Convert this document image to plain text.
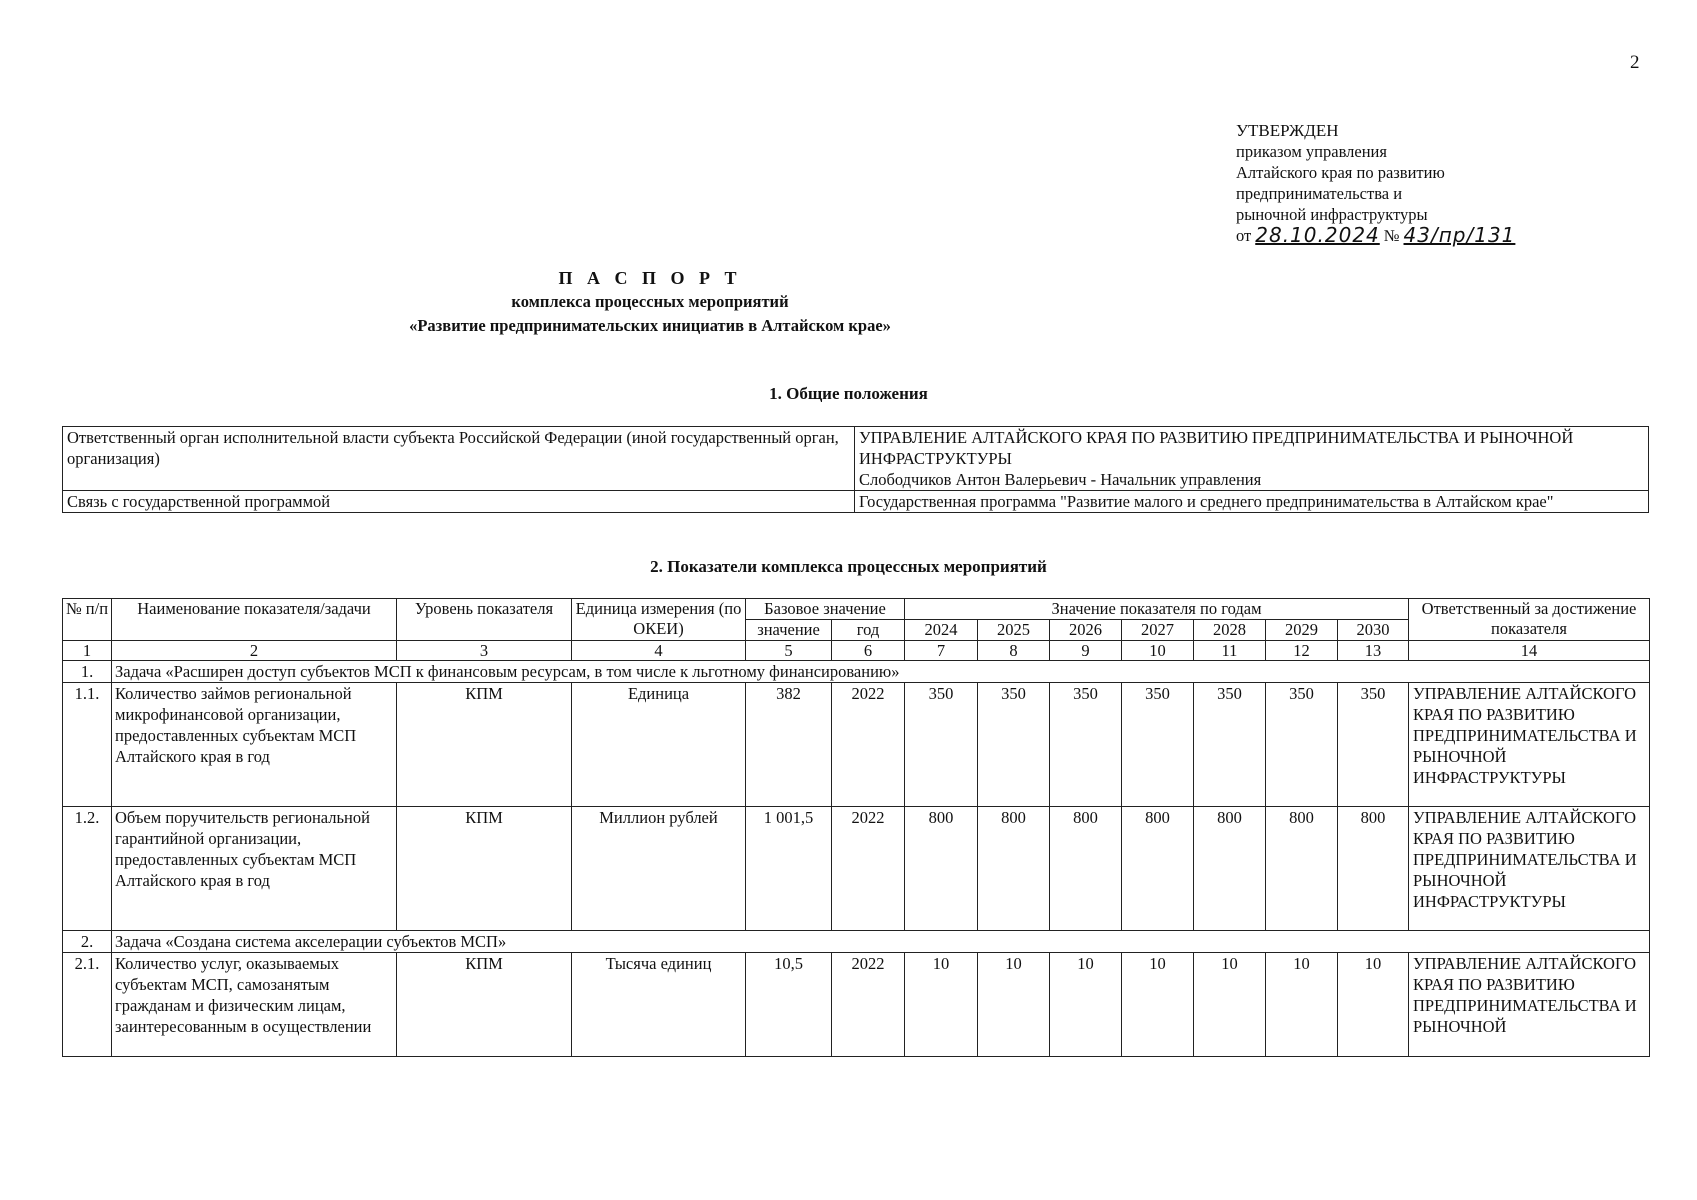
2
УТВЕРЖДЕН
приказом управления
Алтайского края по развитию
предпринимательства и
рыночной инфраструктуры
от 28.10.2024 № 43/пр/131
П А С П О Р Т
комплекса процессных мероприятий
«Развитие предпринимательских инициатив в Алтайском крае»
1. Общие положения
Ответственный орган исполнительной власти субъекта Российской Федерации (иной государственный орган, организация)	УПРАВЛЕНИЕ АЛТАЙСКОГО КРАЯ ПО РАЗВИТИЮ ПРЕДПРИНИМАТЕЛЬСТВА И РЫНОЧНОЙ ИНФРАСТРУКТУРЫ
Слободчиков Антон Валерьевич - Начальник управления

Связь с государственной программой	Государственная программа "Развитие малого и среднего предпринимательства в Алтайском крае"
2. Показатели комплекса процессных мероприятий
№ п/п	Наименование показателя/задачи	Уровень показателя	Единица измерения (по ОКЕИ)	Базовое значение		Значение показателя по годам							Ответственный за достижение показателя
				значение	год	2024	2025	2026	2027	2028	2029	2030	
1	2	3	4	5	6	7	8	9	10	11	12	13	14
1.	Задача «Расширен доступ субъектов МСП к финансовым ресурсам, в том числе к льготному финансированию»												
1.1.	Количество займов региональной микрофинансовой организации, предоставленных субъектам МСП Алтайского края в год	КПМ	Единица	382	2022	350	350	350	350	350	350	350	УПРАВЛЕНИЕ АЛТАЙСКОГО КРАЯ ПО РАЗВИТИЮ ПРЕДПРИНИМАТЕЛЬСТВА И РЫНОЧНОЙ ИНФРАСТРУКТУРЫ
1.2.	Объем поручительств региональной гарантийной организации, предоставленных субъектам МСП Алтайского края в год	КПМ	Миллион рублей	1 001,5	2022	800	800	800	800	800	800	800	УПРАВЛЕНИЕ АЛТАЙСКОГО КРАЯ ПО РАЗВИТИЮ ПРЕДПРИНИМАТЕЛЬСТВА И РЫНОЧНОЙ ИНФРАСТРУКТУРЫ
2.	Задача «Создана система акселерации субъектов МСП»												
2.1.	Количество услуг, оказываемых субъектам МСП, самозанятым гражданам и физическим лицам, заинтересованным в осуществлении	КПМ	Тысяча единиц	10,5	2022	10	10	10	10	10	10	10	УПРАВЛЕНИЕ АЛТАЙСКОГО КРАЯ ПО РАЗВИТИЮ ПРЕДПРИНИМАТЕЛЬСТВА И РЫНОЧНОЙ
